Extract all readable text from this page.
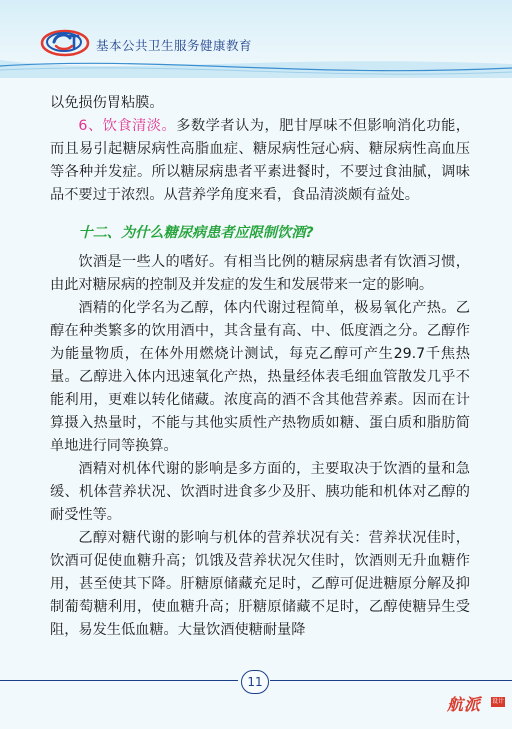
基本公共卫生服务健康教育

以免损伤胃粘膜。

6、饮食清淡。多数学者认为，肥甘厚味不但影响消化功能，而且易引起糖尿病性高脂血症、糖尿病性冠心病、糖尿病性高血压等各种并发症。所以糖尿病患者平素进餐时，不要过食油腻，调味品不要过于浓烈。从营养学角度来看，食品清淡颇有益处。

十二、为什么糖尿病患者应限制饮酒?

饮酒是一些人的嗜好。有相当比例的糖尿病患者有饮酒习惯，由此对糖尿病的控制及并发症的发生和发展带来一定的影响。

酒精的化学名为乙醇，体内代谢过程简单，极易氧化产热。乙醇在种类繁多的饮用酒中，其含量有高、中、低度酒之分。乙醇作为能量物质，在体外用燃烧计测试，每克乙醇可产生29.7千焦热量。乙醇进入体内迅速氧化产热，热量经体表毛细血管散发几乎不能利用，更难以转化储藏。浓度高的酒不含其他营养素。因而在计算摄入热量时，不能与其他实质性产热物质如糖、蛋白质和脂肪简单地进行同等换算。

酒精对机体代谢的影响是多方面的，主要取决于饮酒的量和急缓、机体营养状况、饮酒时进食多少及肝、胰功能和机体对乙醇的耐受性等。

乙醇对糖代谢的影响与机体的营养状况有关：营养状况佳时，饮酒可促使血糖升高；饥饿及营养状况欠佳时，饮酒则无升血糖作用，甚至使其下降。肝糖原储藏充足时，乙醇可促进糖原分解及抑制葡萄糖利用，使血糖升高；肝糖原储藏不足时，乙醇使糖异生受阻，易发生低血糖。大量饮酒使糖耐量降

11
航派 设计
